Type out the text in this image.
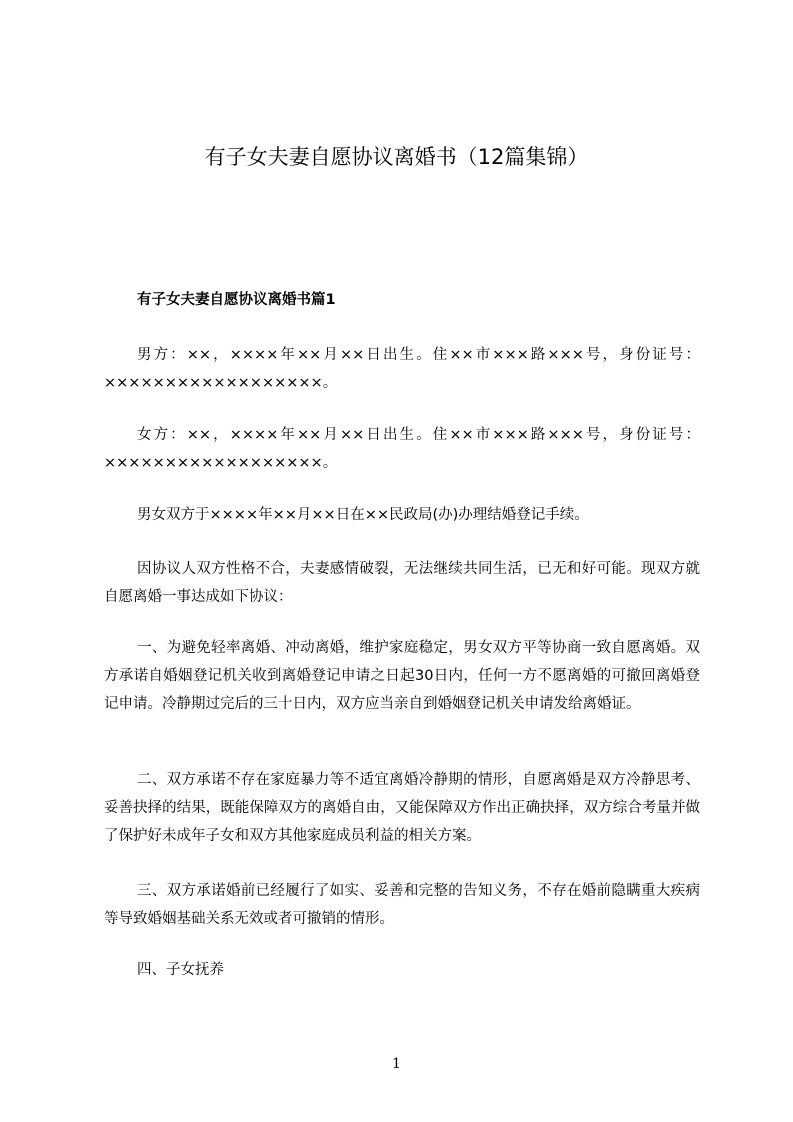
有子女夫妻自愿协议离婚书（12篇集锦）
有子女夫妻自愿协议离婚书篇1
男方：××，××××年××月××日出生。住××市×××路×××号，身份证号：××××××××××××××××××。
女方：××，××××年××月××日出生。住××市×××路×××号，身份证号：××××××××××××××××××。
男女双方于××××年××月××日在××民政局(办)办理结婚登记手续。
因协议人双方性格不合，夫妻感情破裂，无法继续共同生活，已无和好可能。现双方就自愿离婚一事达成如下协议：
一、为避免轻率离婚、冲动离婚，维护家庭稳定，男女双方平等协商一致自愿离婚。双方承诺自婚姻登记机关收到离婚登记申请之日起30日内，任何一方不愿离婚的可撤回离婚登记申请。冷静期过完后的三十日内，双方应当亲自到婚姻登记机关申请发给离婚证。
二、双方承诺不存在家庭暴力等不适宜离婚冷静期的情形，自愿离婚是双方冷静思考、妥善抉择的结果，既能保障双方的离婚自由，又能保障双方作出正确抉择，双方综合考量并做了保护好未成年子女和双方其他家庭成员利益的相关方案。
三、双方承诺婚前已经履行了如实、妥善和完整的告知义务，不存在婚前隐瞒重大疾病等导致婚姻基础关系无效或者可撤销的情形。
四、子女抚养
1
